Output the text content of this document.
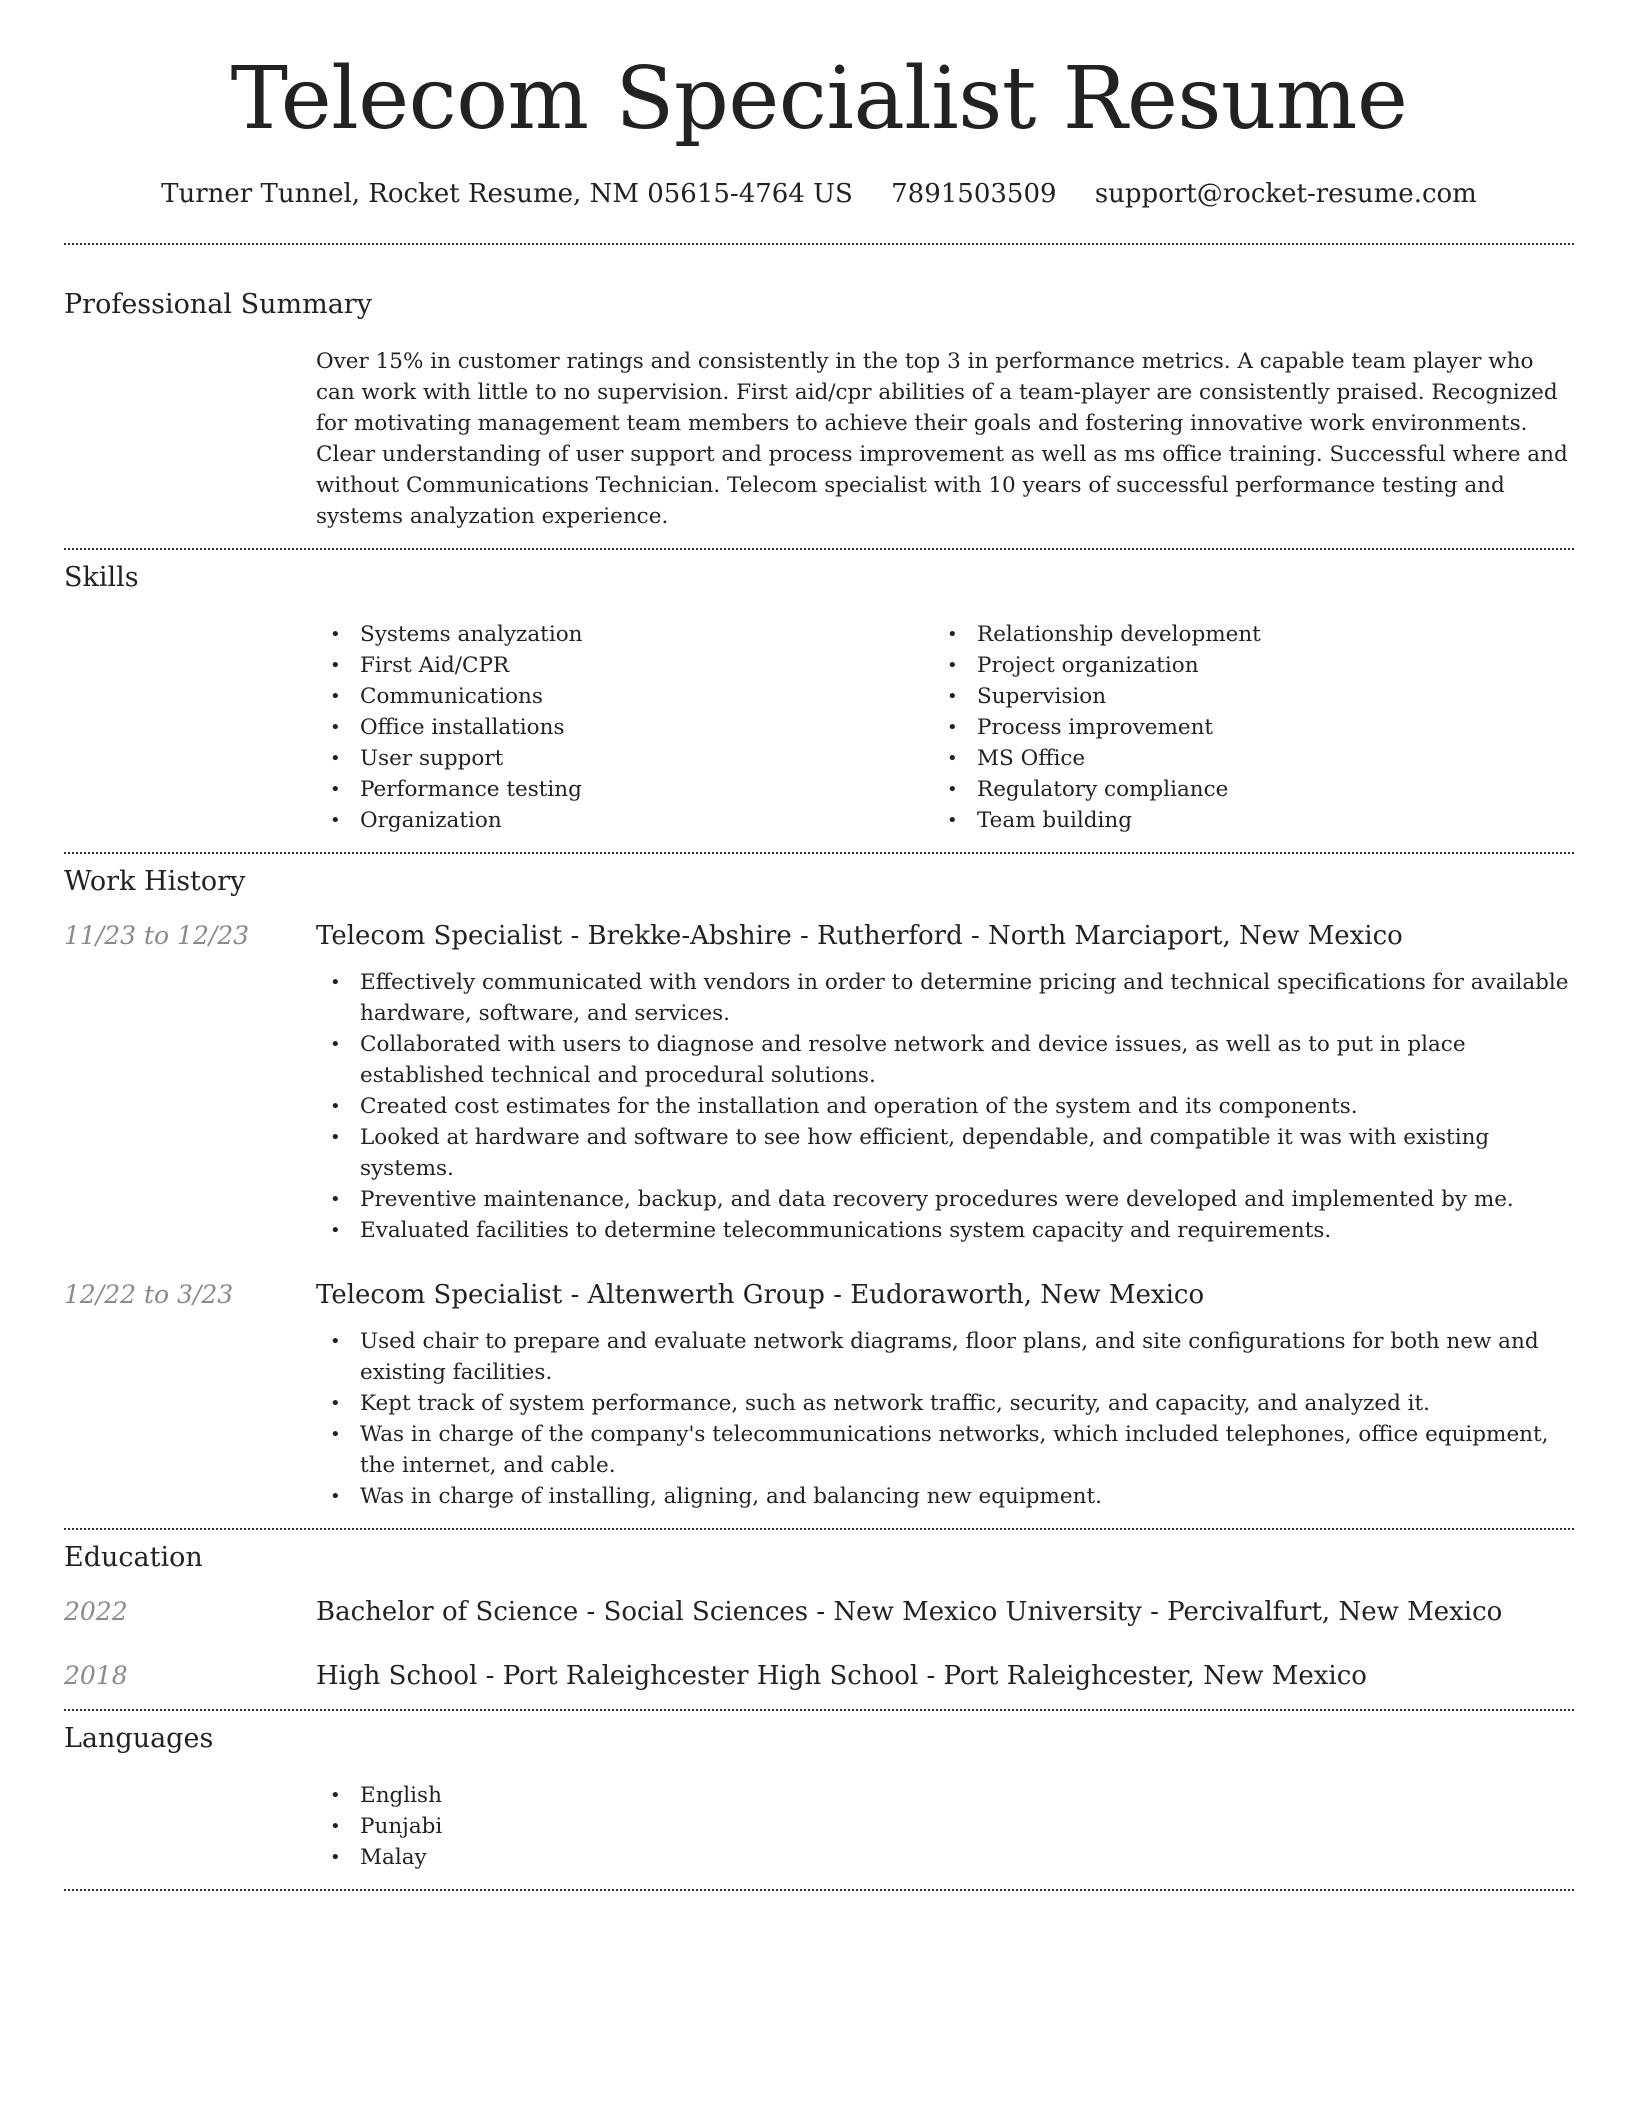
Telecom Specialist Resume
Turner Tunnel, Rocket Resume, NM 05615-4764 US 7891503509 support@rocket-resume.com
Professional Summary
Over 15% in customer ratings and consistently in the top 3 in performance metrics. A capable team player who can work with little to no supervision. First aid/cpr abilities of a team-player are consistently praised. Recognized for motivating management team members to achieve their goals and fostering innovative work environments. Clear understanding of user support and process improvement as well as ms office training. Successful where and without Communications Technician. Telecom specialist with 10 years of successful performance testing and systems analyzation experience.
Skills
• Systems analyzation
• First Aid/CPR
• Communications
• Office installations
• User support
• Performance testing
• Organization
• Relationship development
• Project organization
• Supervision
• Process improvement
• MS Office
• Regulatory compliance
• Team building
Work History
11/23 to 12/23	Telecom Specialist - Brekke-Abshire - Rutherford - North Marciaport, New Mexico
• Effectively communicated with vendors in order to determine pricing and technical specifications for available hardware, software, and services.
• Collaborated with users to diagnose and resolve network and device issues, as well as to put in place established technical and procedural solutions.
• Created cost estimates for the installation and operation of the system and its components.
• Looked at hardware and software to see how efficient, dependable, and compatible it was with existing systems.
• Preventive maintenance, backup, and data recovery procedures were developed and implemented by me.
• Evaluated facilities to determine telecommunications system capacity and requirements.
12/22 to 3/23	Telecom Specialist - Altenwerth Group - Eudoraworth, New Mexico
• Used chair to prepare and evaluate network diagrams, floor plans, and site configurations for both new and existing facilities.
• Kept track of system performance, such as network traffic, security, and capacity, and analyzed it.
• Was in charge of the company's telecommunications networks, which included telephones, office equipment, the internet, and cable.
• Was in charge of installing, aligning, and balancing new equipment.
Education
2022	Bachelor of Science - Social Sciences - New Mexico University - Percivalfurt, New Mexico
2018	High School - Port Raleighcester High School - Port Raleighcester, New Mexico
Languages
• English
• Punjabi
• Malay
